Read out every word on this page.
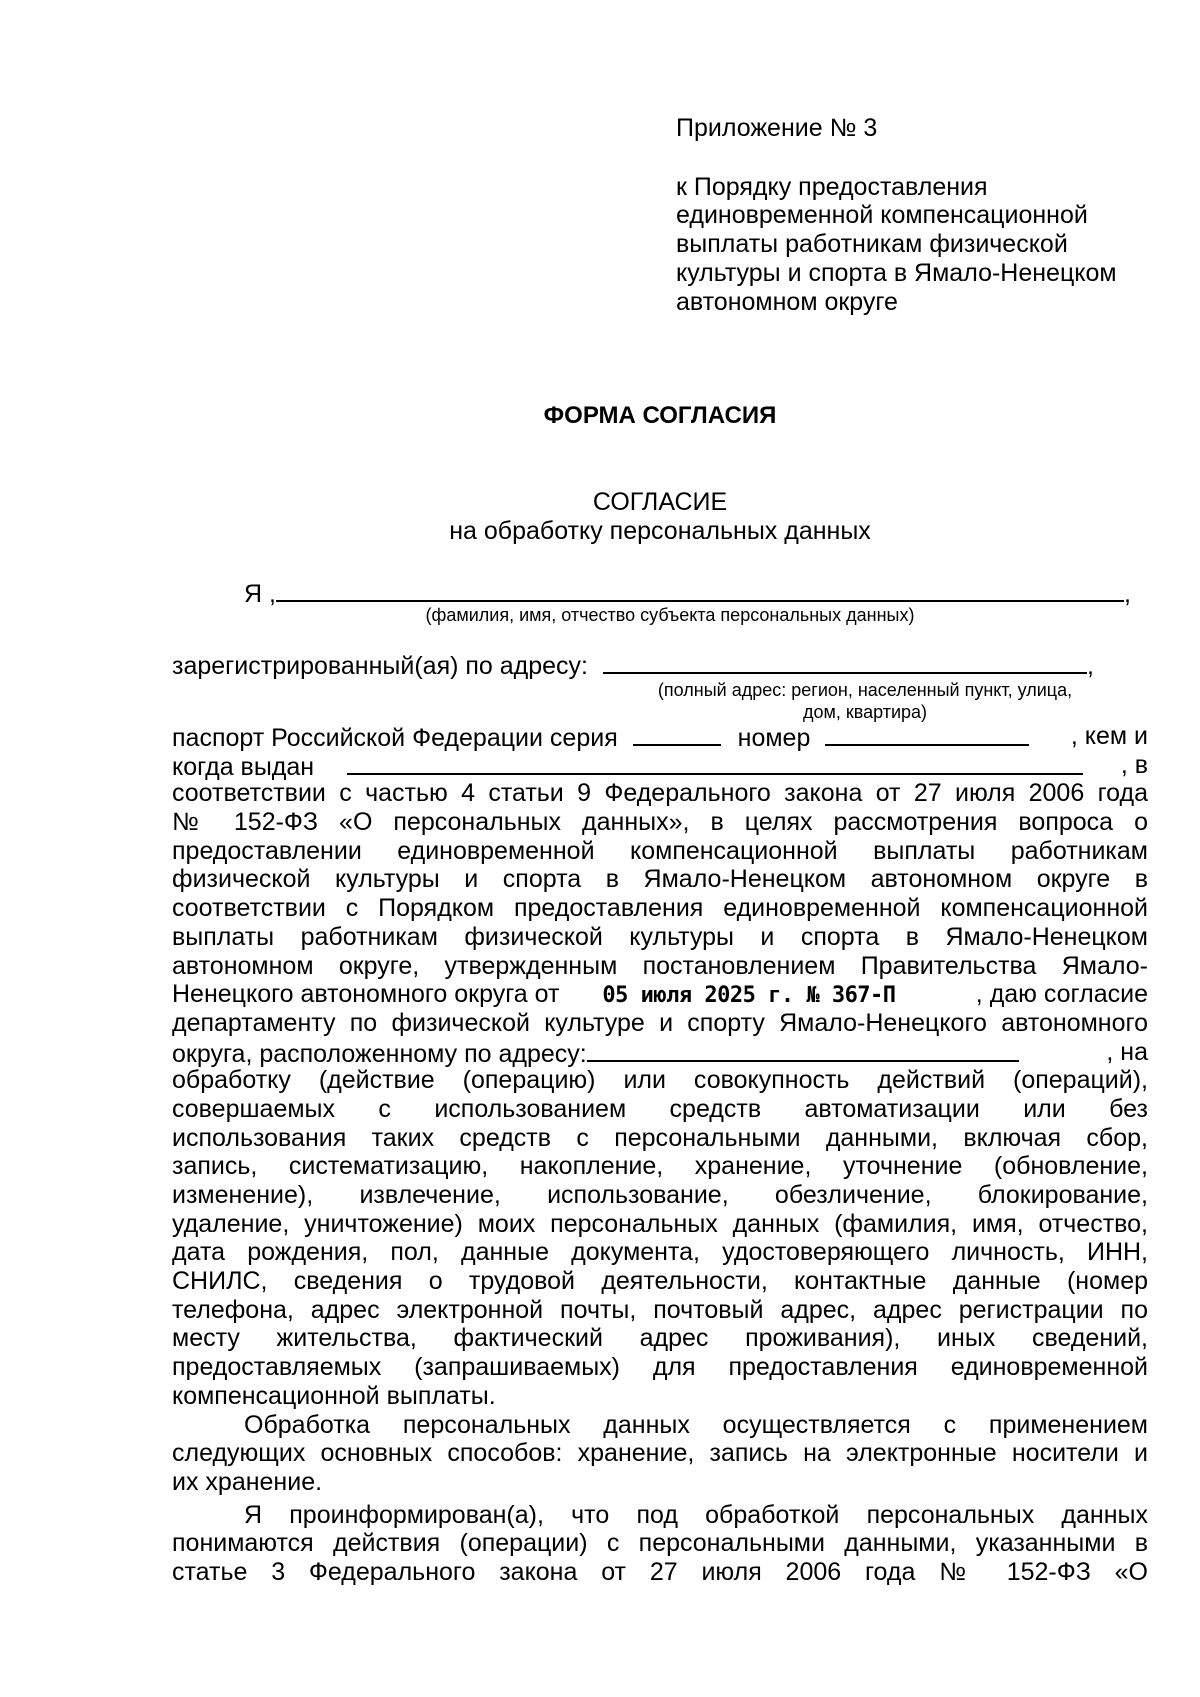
Приложение № 3
к Порядку предоставления
единовременной компенсационной
выплаты работникам физической
культуры и спорта в Ямало-Ненецком
автономном округе
ФОРМА СОГЛАСИЯ
СОГЛАСИЕ
на обработку персональных данных
Я ,	,
(фамилия, имя, отчество субъекта персональных данных)
зарегистрированный(ая) по адресу:	,
(полный адрес: регион, населенный пункт, улица,
дом, квартира)
паспорт Российской Федерации серия	номер	, кем и
когда выдан	, в
соответствии с частью 4 статьи 9 Федерального закона от 27 июля 2006 года
№ 152-ФЗ «О персональных данных», в целях рассмотрения вопроса о
предоставлении единовременной компенсационной выплаты работникам
физической культуры и спорта в Ямало-Ненецком автономном округе в
соответствии с Порядком предоставления единовременной компенсационной
выплаты работникам физической культуры и спорта в Ямало-Ненецком
автономном округе, утвержденным постановлением Правительства Ямало-
Ненецкого автономного округа от 05 июля 2025 г. № 367-П	, даю согласие
департаменту по физической культуре и спорту Ямало-Ненецкого автономного
округа, расположенному по адресу:	, на
обработку (действие (операцию) или совокупность действий (операций),
совершаемых с использованием средств автоматизации или без
использования таких средств с персональными данными, включая сбор,
запись, систематизацию, накопление, хранение, уточнение (обновление,
изменение), извлечение, использование, обезличение, блокирование,
удаление, уничтожение) моих персональных данных (фамилия, имя, отчество,
дата рождения, пол, данные документа, удостоверяющего личность, ИНН,
СНИЛС, сведения о трудовой деятельности, контактные данные (номер
телефона, адрес электронной почты, почтовый адрес, адрес регистрации по
месту жительства, фактический адрес проживания), иных сведений,
предоставляемых (запрашиваемых) для предоставления единовременной
компенсационной выплаты.
Обработка персональных данных осуществляется с применением
следующих основных способов: хранение, запись на электронные носители и
их хранение.
Я проинформирован(а), что под обработкой персональных данных
понимаются действия (операции) с персональными данными, указанными в
статье 3 Федерального закона от 27 июля 2006 года № 152-ФЗ «О
